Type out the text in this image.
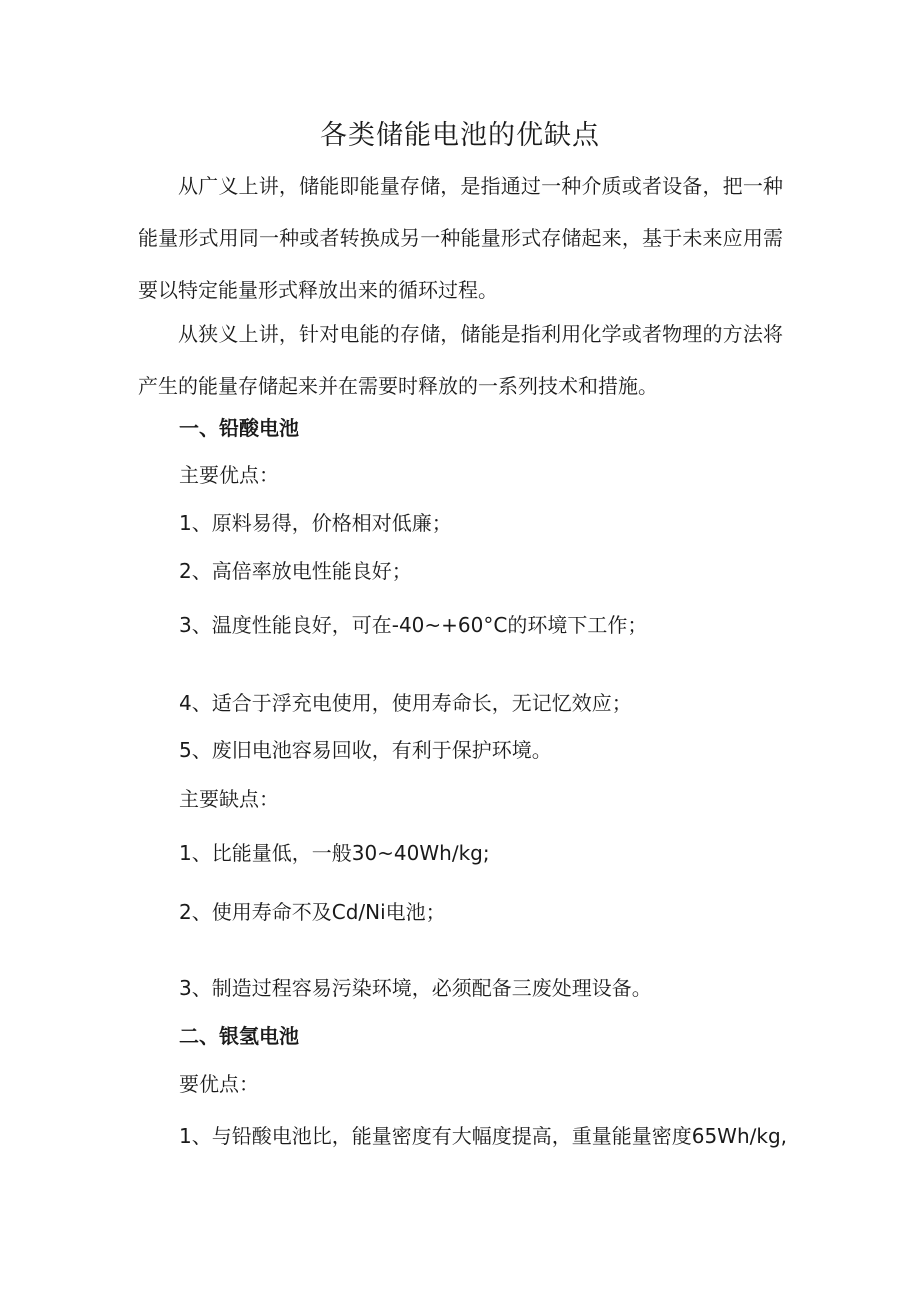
各类储能电池的优缺点

从广义上讲，储能即能量存储，是指通过一种介质或者设备，把一种能量形式用同一种或者转换成另一种能量形式存储起来，基于未来应用需要以特定能量形式释放出来的循环过程。

从狭义上讲，针对电能的存储，储能是指利用化学或者物理的方法将产生的能量存储起来并在需要时释放的一系列技术和措施。

一、铅酸电池

主要优点：

1、原料易得，价格相对低廉；

2、高倍率放电性能良好；

3、温度性能良好，可在-40~+60°C的环境下工作；

4、适合于浮充电使用，使用寿命长，无记忆效应；

5、废旧电池容易回收，有利于保护环境。

主要缺点：

1、比能量低，一般30~40Wh∕kg;

2、使用寿命不及Cd/Ni电池；

3、制造过程容易污染环境，必须配备三废处理设备。

二、银氢电池

要优点：

1、与铅酸电池比，能量密度有大幅度提高，重量能量密度65Wh∕kg,
